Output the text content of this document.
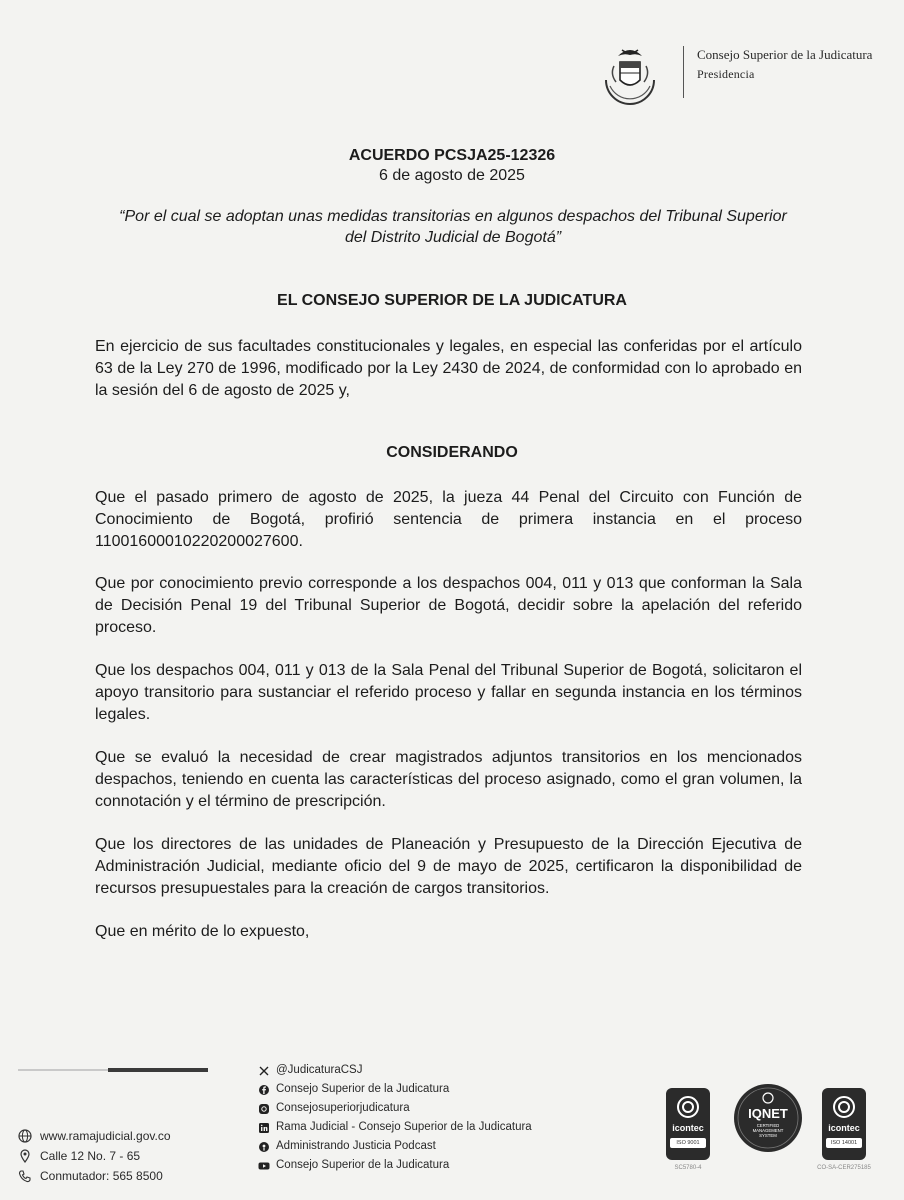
Consejo Superior de la Judicatura
Presidencia
ACUERDO PCSJA25-12326
6 de agosto de 2025
“Por el cual se adoptan unas medidas transitorias en algunos despachos del Tribunal Superior del Distrito Judicial de Bogotá”
EL CONSEJO SUPERIOR DE LA JUDICATURA
En ejercicio de sus facultades constitucionales y legales, en especial las conferidas por el artículo 63 de la Ley 270 de 1996, modificado por la Ley 2430 de 2024, de conformidad con lo aprobado en la sesión del 6 de agosto de 2025 y,
CONSIDERANDO
Que el pasado primero de agosto de 2025, la jueza 44 Penal del Circuito con Función de Conocimiento de Bogotá, profirió sentencia de primera instancia en el proceso 11001600010220200027600.
Que por conocimiento previo corresponde a los despachos 004, 011 y 013 que conforman la Sala de Decisión Penal 19 del Tribunal Superior de Bogotá, decidir sobre la apelación del referido proceso.
Que los despachos 004, 011 y 013 de la Sala Penal del Tribunal Superior de Bogotá, solicitaron el apoyo transitorio para sustanciar el referido proceso y fallar en segunda instancia en los términos legales.
Que se evaluó la necesidad de crear magistrados adjuntos transitorios en los mencionados despachos, teniendo en cuenta las características del proceso asignado, como el gran volumen, la connotación y el término de prescripción.
Que los directores de las unidades de Planeación y Presupuesto de la Dirección Ejecutiva de Administración Judicial, mediante oficio del 9 de mayo de 2025, certificaron la disponibilidad de recursos presupuestales para la creación de cargos transitorios.
Que en mérito de lo expuesto,
www.ramajudicial.gov.co
Calle 12 No. 7 - 65
Conmutador: 565 8500
@JudicaturaCSJ
Consejo Superior de la Judicatura
Consejosuperiorjudicatura
Rama Judicial - Consejo Superior de la Judicatura
Administrando Justicia Podcast
Consejo Superior de la Judicatura
icontec
ISO 9001
SC5780-4
IQNET
CERTIFIED MANAGEMENT SYSTEM
icontec
ISO 14001
CO-SA-CER275185
